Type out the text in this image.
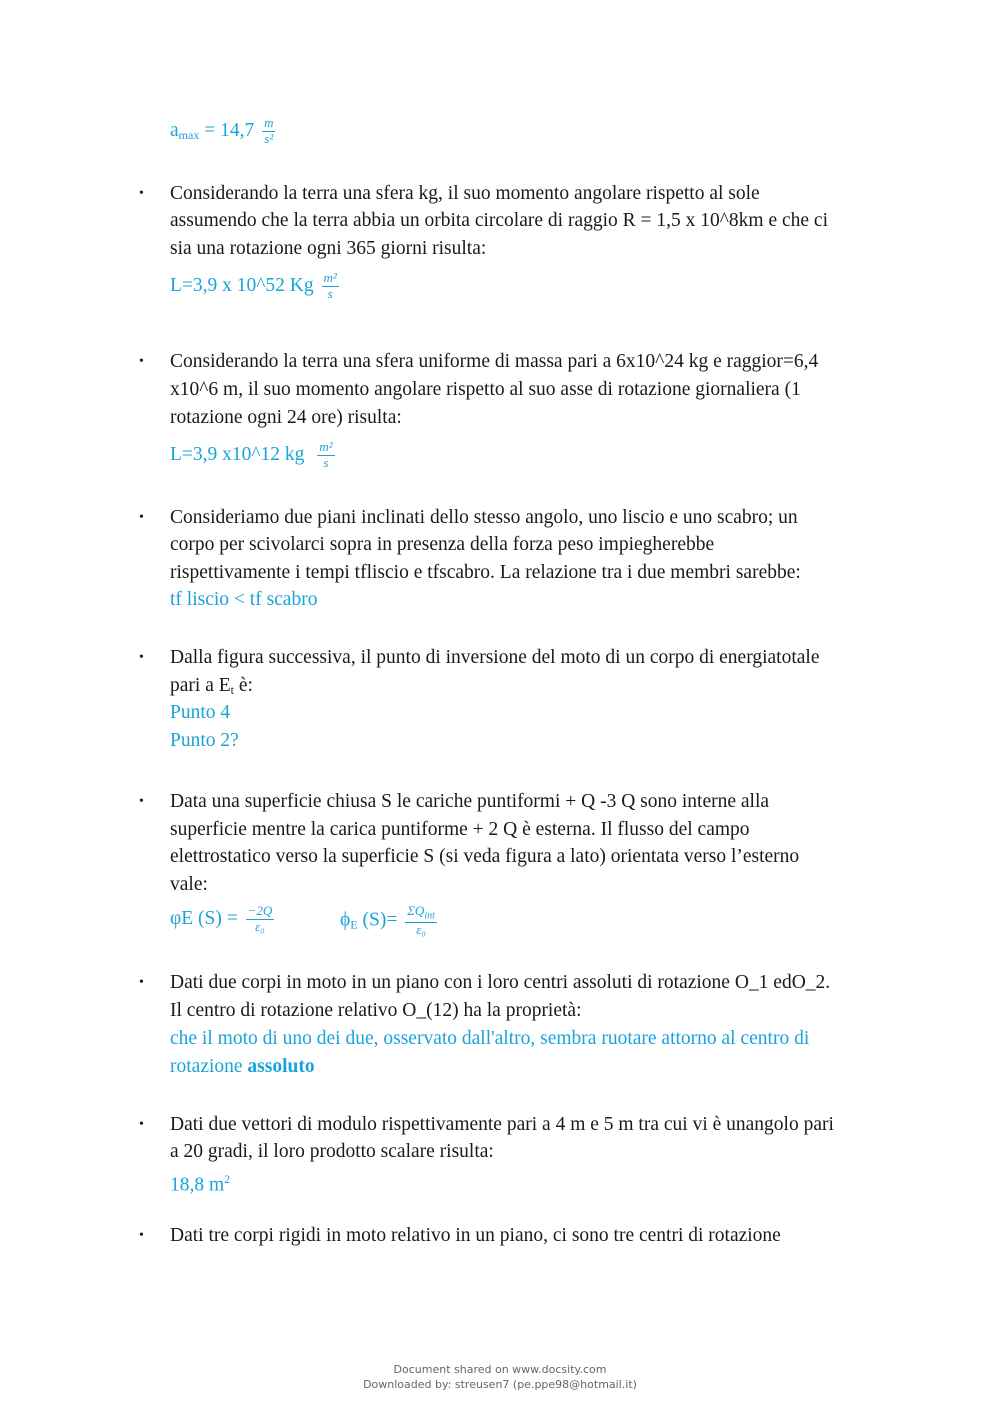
$a_{max} = 14,7 \frac{m}{\text{s²}}$
• Considerando la terra una sfera kg, il suo momento angolare rispetto al sole
assumendo che la terra abbia un orbita circolare di raggio R = 1,5 x 10^8km e che ci
sia una rotazione ogni 365 giorni risulta:
L=3,9 x 10^52 Kg $\frac{\text{m²}}{s}$
• Considerando la terra una sfera uniforme di massa pari a 6x10^24 kg e raggior=6,4
x10^6 m, il suo momento angolare rispetto al suo asse di rotazione giornaliera (1
rotazione ogni 24 ore) risulta:
L=3,9 x10^12 kg $\frac{\text{m²}}{s}$
• Consideriamo due piani inclinati dello stesso angolo, uno liscio e uno scabro; un
corpo per scivolarci sopra in presenza della forza peso impiegherebbe
rispettivamente i tempi tfliscio e tfscabro. La relazione tra i due membri sarebbe:
tf liscio < tf scabro
• Dalla figura successiva, il punto di inversione del moto di un corpo di energiatotale
pari a $E_t$ è:
Punto 4
Punto 2?
• Data una superficie chiusa S le cariche puntiformi + Q -3 Q sono interne alla
superficie mentre la carica puntiforme + 2 Q è esterna. Il flusso del campo
elettrostatico verso la superficie S (si veda figura a lato) orientata verso l’esterno
vale:
φE $(S) = \frac{-2Q}{\text{ε₀}}$	$\phi_E$ $(S)= \frac{\Sigma Q_{int}}{\text{ε₀}}$
• Dati due corpi in moto in un piano con i loro centri assoluti di rotazione O_1 edO_2.
Il centro di rotazione relativo O_(12) ha la proprietà:
che il moto di uno dei due, osservato dall'altro, sembra ruotare attorno al centro di
rotazione assoluto
• Dati due vettori di modulo rispettivamente pari a 4 m e 5 m tra cui vi è unangolo pari
a 20 gradi, il loro prodotto scalare risulta:
18,8 $m^2$
• Dati tre corpi rigidi in moto relativo in un piano, ci sono tre centri di rotazione
Document shared on www.docsity.com
Downloaded by: streusen7 (pe.ppe98@hotmail.it)
